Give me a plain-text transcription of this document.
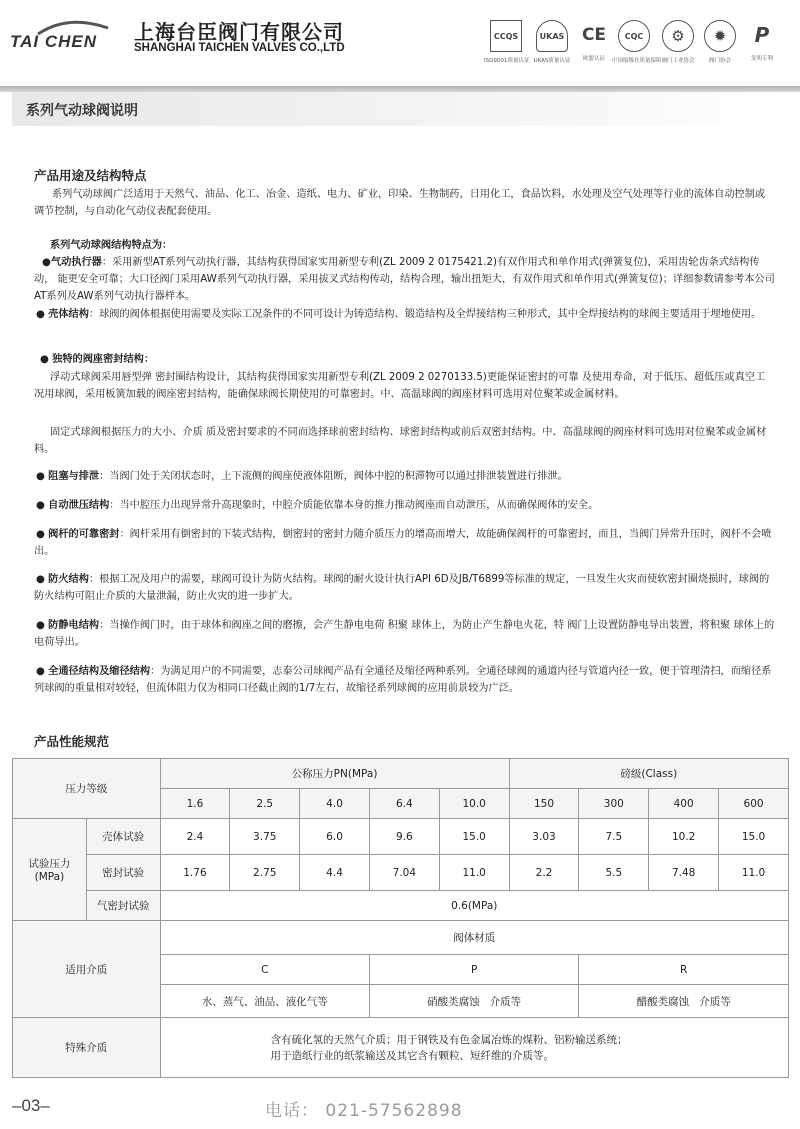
TAI CHEN 上海台臣阀门有限公司
SHANGHAI TAICHEN VALVES CO.,LTD
CCQS
ISO9001质量认证
UKAS
UKAS质量认证
CE
欧盟认证
CQC
中国船级社质量保障
⚙
阀门工业协会
✹
阀门协会
P
发明专利
系列气动球阀说明
产品用途及结构特点
系列气动球阀广泛适用于天然气、油品、化工、冶金、造纸、电力、矿业，印染、生物制药，日用化工，食品饮料，水处理及空气处理等行业的流体自动控制或调节控制，与自动化气动仪表配套使用。
系列气动球阀结构特点为：
●气动执行器：采用新型AT系列气动执行器，其结构获得国家实用新型专利(ZL 2009 2 0175421.2)有双作用式和单作用式(弹簧复位)，采用齿轮齿条式结构传动， 能更安全可靠；大口径阀门采用AW系列气动执行器，采用拔叉式结构传动，结构合理，输出扭矩大，有双作用式和单作用式(弹簧复位)；详细参数请参考本公司AT系列及AW系列气动执行器样本。
● 壳体结构：球阀的阀体根据使用需要及实际工况条件的不同可设计为铸造结构、锻造结构及全焊接结构三种形式，其中全焊接结构的球阀主要适用于埋地使用。
● 独特的阀座密封结构：
浮动式球阀采用唇型弹 密封圈结构设计，其结构获得国家实用新型专利(ZL 2009 2 0270133.5)更能保证密封的可靠 及使用寿命，对于低压、超低压或真空工况用球阀，采用板簧加载的阀座密封结构，能确保球阀长期使用的可靠密封。中、高温球阀的阀座材料可选用对位聚苯或金属材料。
固定式球阀根据压力的大小、介质 质及密封要求的不同而选择球前密封结构、球密封结构或前后双密封结构。中、高温球阀的阀座材料可选用对位聚苯或金属材料。
● 阻塞与排泄：当阀门处于关闭状态时，上下流侧的阀座使液体阻断，阀体中腔的积滞物可以通过排泄装置进行排泄。
● 自动泄压结构：当中腔压力出现异常升高现象时，中腔介质能依靠本身的推力推动阀座而自动泄压，从而确保阀体的安全。
● 阀杆的可靠密封：阀杆采用有倒密封的下装式结构，倒密封的密封力随介质压力的增高而增大，故能确保阀杆的可靠密封，而且，当阀门异常升压时，阀杆不会喷出。
● 防火结构：根据工况及用户的需要，球阀可设计为防火结构。球阀的耐火设计执行API 6D及JB/T6899等标准的规定，一旦发生火灾而使软密封圈烧损时，球阀的防火结构可阻止介质的大量泄漏，防止火灾的进一步扩大。
● 防静电结构：当操作阀门时，由于球体和阀座之间的磨擦，会产生静电电荷 积聚 球体上，为防止产生静电火花，特 阀门上设置防静电导出装置，将积聚 球体上的电荷导出。
● 全通径结构及缩径结构：为满足用户的不同需要，志泰公司球阀产品有全通径及缩径两种系列。全通径球阀的通道内径与管道内径一致，便于管理清扫，而缩径系列球阀的重量相对较轻，但流体阻力仅为相同口径截止阀的1/7左右，故缩径系列球阀的应用前景较为广泛。
产品性能规范
压力等级		公称压力PN(MPa)					磅级(Class)			
		1.6	2.5	4.0	6.4	10.0	150	300	400	600
试验压力
(MPa)	壳体试验	2.4	3.75	6.0	9.6	15.0	3.03	7.5	10.2	15.0
	密封试验	1.76	2.75	4.4	7.04	11.0	2.2	5.5	7.48	11.0
	气密封试验	0.6(MPa)								
适用介质		阀体材质								
		C			P			R		
		水、蒸气、油品、液化气等			硝酸类腐蚀   介质等			醋酸类腐蚀   介质等		
特殊介质		含有硫化氢的天然气介质；用于钢铁及有色金属冶炼的煤粉、铝粉输送系统；
用于造纸行业的纸浆输送及其它含有颗粒、短纤维的介质等。								
–03–	电话： 021-57562898
